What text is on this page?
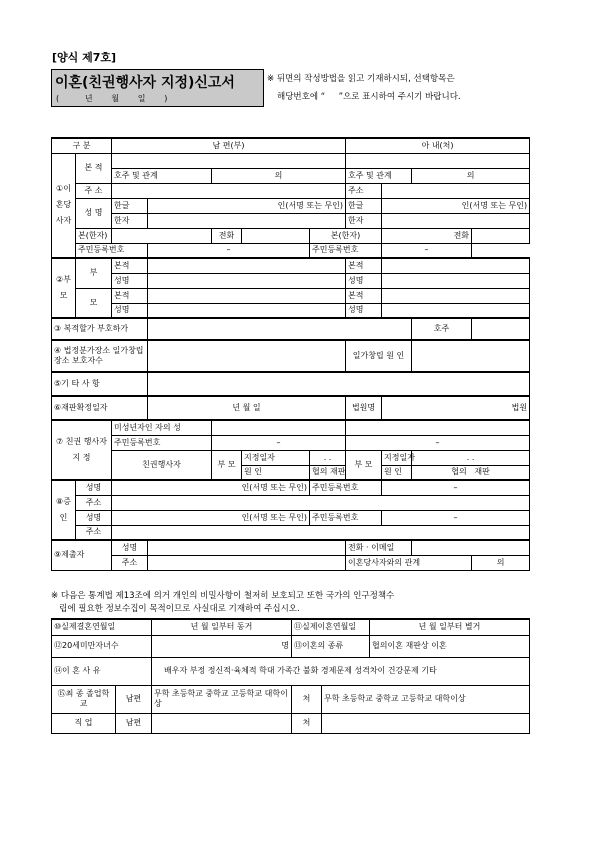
[양식 제7호]
이혼(친권행사자 지정)신고서
(       년     월     일     )
※ 뒤면의 작성방법을 읽고 기재하시되, 선택항목은
해당번호에 “     ”으로 표시하여 주시기 바랍니다.
구 분		남 편(부)					아 내(처)			
①이혼당사자	본 적									
		호주 및 관계		의			호주 및 관계		의	
	주 소						주소			
	성 명	한글	인(서명 또는 무인)				한글	인(서명 또는 무인)		
		한자					한자			
	본(한자)			전화		본(한자)		전화		
	주민등록번호		–			주민등록번호		–		
②부모	부	본적					본적			
		성명					성명			
	모	본적					본적			
		성명					성명			
③ 복적할가 부호하가									호주	
④ 법정분가장소 일가창립장소 보호자수							일가창립 원 인			
⑤기 타 사 항										
⑥재판확정일자			년 월 일				법원명	법원		
⑦ 친권 행사자 지 정		미성년자인 자의 성								
		주민등록번호		–			–			
		친권행사자		부 모	지정일자	. .	부 모	지정일자	. .	
					원 인	협의 재판		원 인	협의 재판	
⑧증인	성명	인(서명 또는 무인)				주민등록번호		–		
	주소									
	성명	인(서명 또는 무인)				주민등록번호		–		
	주소									
⑨제출자		성명					전화 · 이메일			
		주소					이혼당사자와의 관계			의
※ 다음은 통계법 제13조에 의거 개인의 비밀사항이 철저히 보호되고 또한 국가의 인구정책수
립에 필요한 정보수집이 목적이므로 사실대로 기재하여 주십시오.
⑩실제결혼연월일		년 월 일부터 동거	⑪실제이혼연월일		년 월 일부터 별거
⑫20세미만자녀수		명	⑬이혼의 종류		협의이혼 재판상 이혼
⑭이 혼 사 유		배우자 부정 정신적·육체적 학대 가족간 불화 경제문제 성격차이 건강문제 기타			
⑮최 종 졸업학교	남편	무학 초등학교 중학교 고등학교 대학이상	처	무학 초등학교 중학교 고등학교 대학이상	
직 업	남편		처		
